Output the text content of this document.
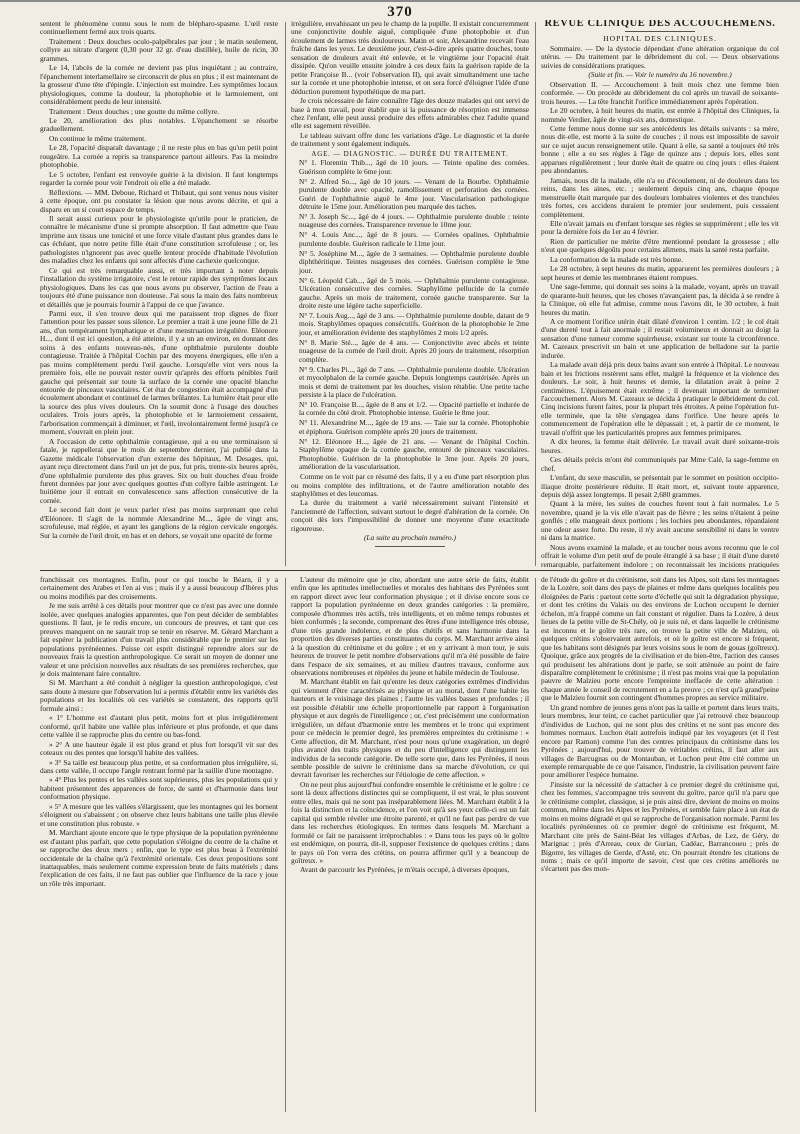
370

sentent le phénomène connu sous le nom de blépharo-spasme. L'œil reste continuellement fermé aux trois quarts.

Traitement : Deux douches oculo-palpébrales par jour ; le matin seulement, collyre au nitrate d'argent (0,30 pour 32 gr. d'eau distillée), huile de ricin, 30 grammes.

Le 14, l'abcès de la cornée ne devient pas plus inquiétant ; au contraire, l'épanchement interlamellaire se circonscrit de plus en plus ; il est maintenant de la grosseur d'une tête d'épingle. L'injection est moindre. Les symptômes locaux physiologiques, comme la douleur, la photophobie et le larmoiement, ont considérablement perdu de leur intensité.

Traitement : Deux douches ; une goutte du même collyre.

Le 20, amélioration des plus notables. L'épanchement se résorbe graduellement.

On continue le même traitement.

Le 28, l'opacité disparaît davantage ; il ne reste plus en bas qu'un petit point rougeâtre. La cornée a repris sa transparence partout ailleurs. Pas la moindre photophobie.

Le 5 octobre, l'enfant est renvoyée guérie à la division. Il faut longtemps regarder la cornée pour voir l'endroit où elle a été malade.

Réflexions. — MM. Deboue, Richard et Thibaut, qui sont venus nous visiter à cette époque, ont pu constater la lésion que nous avons décrite, et qui a disparu en un si court espace de temps.

Il serait aussi curieux pour le physiologiste qu'utile pour le praticien, de connaître le mécanisme d'une si prompte absorption. Il faut admettre que l'eau imprime aux tissus une tonicité et une force vitale d'autant plus grandes dans le cas échéant, que notre petite fille était d'une constitution scrofuleuse ; or, les pathologistes n'ignorent pas avec quelle lenteur procède d'habitude l'évolution des maladies chez les enfants qui sont affectés d'une cachexie quelconque.

Ce qui est très remarquable aussi, et très important à noter depuis l'installation du système irrigatoire, c'est le retour rapide des symptômes locaux physiologiques. Dans les cas que nous avons pu observer, l'action de l'eau a toujours été d'une puissance non douteuse. J'ai sous la main des faits nombreux et détaillés que je pourrais fournir à l'appui de ce que j'avance.

Parmi eux, il s'en trouve deux qui me paraissent trop dignes de fixer l'attention pour les passer sous silence. Le premier a trait à une jeune fille de 21 ans, d'un tempérament lymphatique et d'une menstruation irrégulière. Eléonore H..., dont il est ici question, a été atteinte, il y a un an environ, en donnant des soins à des enfants nouveau-nés, d'une ophthalmie purulente double contagieuse. Traitée à l'hôpital Cochin par des moyens énergiques, elle n'en a pas moins complètement perdu l'œil gauche. Lorsqu'elle vint vers nous la première fois, elle ne pouvait rester ouvrir qu'après des efforts pénibles l'œil gauche qui présentait sur toute la surface de la cornée une opacité blanche entourée de pinceaux vasculaires. Cet état de congestion était accompagné d'un écoulement abondant et continuel de larmes brûlantes. La lumière était pour elle la source des plus vives douleurs. On la soumit donc à l'usage des douches oculaires. Trois jours après, la photophobie et le larmoiement cessaient, l'arborisation commençait à diminuer, et l'œil, involontairement fermé jusqu'à ce moment, s'ouvrait en plein jour.

A l'occasion de cette ophthalmie contagieuse, qui a eu une terminaison si fatale, je rappellerai que le mois de septembre dernier, j'ai publié dans la Gazette médicale l'observation d'un externe des hôpitaux, M. Desages, qui, ayant reçu directement dans l'œil un jet de pus, fut pris, trente-six heures après, d'une ophthalmie purulente des plus graves. Six ou huit douches d'eau froide furent données par jour avec quelques gouttes d'un collyre faible astringent. Le huitième jour il entrait en convalescence sans affection consécutive de la cornée.

Le second fait dont je veux parler n'est pas moins surprenant que celui d'Eléonore. Il s'agit de la nommée Alexandrine M..., âgée de vingt ans, scrofuleuse, mal réglée, et ayant les ganglions de la région cervicale engorgés. Sur la cornée de l'œil droit, en bas et en dehors, se voyait une opacité de forme

irrégulière, envahissant un peu le champ de la pupille. Il existait concurremment une conjonctivite double aiguë, compliquée d'une photophobie et d'un écoulement de larmes très douloureux. Matin et soir, Alexandrine recevait l'eau fraîche dans les yeux. Le deuxième jour, c'est-à-dire après quatre douches, toute sensation de douleurs avait été enlevée, et le vingtième jour l'opacité était dissipée. Qu'on veuille ensuite joindre à ces deux faits la guérison rapide de la petite Françoise B... (voir l'observation II), qui avait simultanément une tache sur la cornée et une photophobie intense, et on sera forcé d'éloigner l'idée d'une déduction purement hypothétique de ma part.

Je crois nécessaire de faire connaître l'âge des douze malades qui ont servi de base à mon travail, pour établir que si la puissance de résorption est immense chez l'enfant, elle peut aussi produire des effets admirables chez l'adulte quand elle est sagement réveillée.

Le tableau suivant offre donc les variations d'âge. Le diagnostic et la durée de traitement y sont également indiqués.

AGE. — DIAGNOSTIC. — DURÉE DU TRAITEMENT.

N° 1. Florentin Thib..., âgé de 10 jours. — Teinte opaline des cornées. Guérison complète le 6me jour.

N° 2. Alfred So..., âgé de 10 jours. — Venant de la Bourbe. Ophthalmie purulente double avec opacité, ramollissement et perforation des cornées. Guéri de l'ophthalmie aiguë le 4me jour. Vascularisation pathologique détruite le 15me jour. Amélioration peu marquée des taches.

N° 3. Joseph Sc..., âgé de 4 jours. — Ophthalmie purulente double : teinte nuageuse des cornées. Transparence revenue le 10me jour.

N° 4. Louis Anc..., âgé de 8 jours. — Cornées opalines. Ophthalmie purulente double. Guérison radicale le 11me jour.

N° 5. Joséphine M..., âgée de 3 semaines. — Ophthalmie purulente double diphthéritique. Teintes nuageuses des cornées. Guérison complète le 9me jour.

N° 6. Léopold Cab..., âgé de 5 mois. — Ophthalmie purulente contagieuse. Ulcération consécutive des cornées. Staphylôme pellucide de la cornée gauche. Après un mois de traitement, cornée gauche transparente. Sur la droite reste une légère tache superficielle.

N° 7. Louis Aug..., âgé de 3 ans. — Ophthalmie purulente double, datant de 9 mois. Staphylômes opaques consécutifs. Guérison de la photophobie le 2me jour, et amélioration évidente des staphylômes 2 mois 1/2 après.

N° 8. Marie Sté..., âgée de 4 ans. — Conjonctivite avec abcès et teinte nuageuse de la cornée de l'œil droit. Après 20 jours de traitement, résorption complète.

N° 9. Charles Pi..., âgé de 7 ans. — Ophthalmie purulente double. Ulcération et myocéphalon de la cornée gauche. Depuis longtemps cautérisée. Après un mois et demi de traitement par les douches, vision rétablie. Une petite tache persiste à la place de l'ulcération.

N° 10. Françoise B..., âgée de 8 ans et 1/2. — Opacité partielle et indurée de la cornée du côté droit. Photophobie intense. Guérie le 8me jour.

N° 11. Alexandrine M..., âgée de 19 ans. — Taie sur la cornée. Photophobie et épiphora. Guérison complète après 20 jours de traitement.

N° 12. Eléonore H..., âgée de 21 ans. — Venant de l'hôpital Cochin. Staphylôme opaque de la cornée gauche, entouré de pinceaux vasculaires. Photophobie. Guérison de la photophobie le 3me jour. Après 20 jours, amélioration de la vascularisation.

Comme on le voit par ce résumé des faits, il y a eu d'une part résorption plus ou moins complète des infiltrations, et de l'autre amélioration notable des staphylômes et des leucomas.

La durée du traitement a varié nécessairement suivant l'intensité et l'ancienneté de l'affection, suivant surtout le degré d'altération de la cornée. On conçoit dès lors l'impossibilité de donner une moyenne d'une exactitude rigoureuse.

(La suite au prochain numéro.)

REVUE CLINIQUE DES ACCOUCHEMENS.

HOPITAL DES CLINIQUES.

Sommaire. — De la dystocie dépendant d'une altération organique du col utérus. — Du traitement par le débridement du col. — Deux observations suivies de considérations pratiques.

(Suite et fin. — Voir le numéro du 16 novembre.)

Observation II. — Accouchement à huit mois chez une femme bien conformée. — On procède au débridement du col après un travail de soixante-trois heures. — La tête franchit l'orifice immédiatement après l'opération.

Le 20 octobre, à huit heures du matin, est entrée à l'hôpital des Cliniques, la nommée Verdier, âgée de vingt-six ans, domestique.

Cette femme nous donne sur ses antécédents les détails suivants : sa mère, nous dit-elle, est morte à la suite de couches ; il nous est impossible de savoir sur ce sujet aucun renseignement utile. Quant à elle, sa santé a toujours été très bonne ; elle a eu ses règles à l'âge de quinze ans ; depuis lors, elles sont apparues régulièrement ; leur durée était de quatre ou cinq jours : elles étaient peu abondantes.

Jamais, nous dit la malade, elle n'a eu d'écoulement, ni de douleurs dans les reins, dans les aines, etc. ; seulement depuis cinq ans, chaque époque menstruelle était marquée par des douleurs lombaires violentes et des tranchées très fortes, ces accidens duraient le premier jour seulement, puis cessaient complètement.

Elle n'avait jamais eu d'enfant lorsque ses règles se supprimèrent ; elle les vit pour la dernière fois du 1er au 4 février.

Rien de particulier ne mérite d'être mentionné pendant la grossesse ; elle n'eut que quelques dégoûts pour certains alimens, mais la santé resta parfaite.

La conformation de la malade est très bonne.

Le 28 octobre, à sept heures du matin, apparurent les premières douleurs ; à sept heures et demie les membranes étaient rompues.

Une sage-femme, qui donnait ses soins à la malade, voyant, après un travail de quarante-huit heures, que les choses n'avançaient pas, la décida à se rendre à la Clinique, où elle fut admise, comme nous l'avons dit, le 30 octobre, à huit heures du matin.

A ce moment l'orifice utérin était dilaté d'environ 1 centim. 1/2 ; le col était d'une dureté tout à fait anormale ; il restait volumineux et donnait au doigt la sensation d'une tumeur comme squirrheuse, existant sur toute la circonférence. M. Cazeaux prescrivit un bain et une application de belladone sur la partie indurée.

La malade avait déjà pris deux bains avant son entrée à l'hôpital. Le nouveau bain et les frictions restèrent sans effet, malgré la fréquence et la violence des douleurs. Le soir, à huit heures et demie, la dilatation avait à peine 2 centimètres. L'épuisement était extrême ; il devenait important de terminer l'accouchement. Alors M. Cazeaux se décida à pratiquer le débridement du col. Cinq incisions furent faites, pour la plupart très étroites. A peine l'opération fut-elle terminée, que la tête s'engagea dans l'orifice. Une heure après le commencement de l'opération elle le dépassait ; et, à partir de ce moment, le travail n'offrit que les particularités propres aux femmes primipares.

A dix heures, la femme était délivrée. Le travail avait duré soixante-trois heures.

Ces détails précis m'ont été communiqués par Mme Calé, la sage-femme en chef.

L'enfant, du sexe masculin, se présentait par le sommet en position occipito-iliaque droite postérieure réduite. Il était mort, et, suivant toute apparence, depuis déjà assez longtemps. Il pesait 2,680 grammes.

Quant à la mère, les suites de couches furent tout à fait normales. Le 5 novembre, quand je la vis elle n'avait pas de fièvre ; les seins n'étaient à peine gonflés ; elle mangeait deux portions ; les lochies peu abondantes, répandaient une odeur assez forte. Du reste, il n'y avait aucune sensibilité ni dans le ventre ni dans la matrice.

Nous avons examiné la malade, et au toucher nous avons reconnu que le col offrait le volume d'un petit œuf de poule étranglé à sa base ; il était d'une dureté remarquable, parfaitement indolore ; on reconnaissait les incisions pratiquées

franchissait ces montagnes. Enfin, pour ce qui touche le Béarn, il y a certainement des Arabes et l'en ai vus ; mais il y a aussi beaucoup d'Ibères plus ou moins modifiés par des croisements.

Je me suis arrêté à ces détails pour montrer que ce n'est pas avec une donnée isolée, avec quelques analogies apparentes, que l'on peut décider de semblables questions. Il faut, je le redis encore, un concours de preuves, et tant que ces preuves manquent on ne saurait trop se tenir en réserve. M. Gérard Marchant a fait espérer la publication d'un travail plus considérable que le premier sur les populations pyrénéennes. Puisse cet esprit distingué reprendre alors sur de nouveaux frais la question anthropologique. Ce serait un moyen de donner une valeur et une précision nouvelles aux résultats de ses premières recherches, que je dois maintenant faire connaître.

Si M. Marchant a été conduit à négliger la question anthropologique, c'est sans doute à mesure que l'observation lui a permis d'établir entre les variétés des populations et les localités où ces variétés se constatent, des rapports qu'il formule ainsi :

« 1° L'homme est d'autant plus petit, moins fort et plus irrégulièrement conformé, qu'il habite une vallée plus inférieure et plus profonde, et que dans cette vallée il se rapproche plus du centre ou bas-fond.

» 2° A une hauteur égale il est plus grand et plus fort lorsqu'il vit sur des coteaux ou des pentes que lorsqu'il habite des vallées.

» 3° Sa taille est beaucoup plus petite, et sa conformation plus irrégulière, si, dans cette vallée, il occupe l'angle rentrant formé par la saillie d'une montagne.

» 4° Plus les pentes et les vallées sont supérieures, plus les populations qui y habitent présentent des apparences de force, de santé et d'harmonie dans leur conformation physique.

» 5° A mesure que les vallées s'élargissent, que les montagnes qui les bornent s'éloignent ou s'abaissent ; on observe chez leurs habitans une taille plus élevée et une constitution plus robuste. »

M. Marchant ajoute encore que le type physique de la population pyrénéenne est d'autant plus parfait, que cette population s'éloigne du centre de la chaîne et se rapproche des deux mers ; enfin, que le type est plus beau à l'extrémité occidentale de la chaîne qu'à l'extrémité orientale. Ces deux propositions sont inattaquables, mais seulement comme expression brute de faits matériels ; dans l'explication de ces faits, il ne faut pas oublier que l'influence de la race y joue un rôle très important.

L'auteur du mémoire que je cite, abordant une autre série de faits, établit enfin que les aptitudes intellectuelles et morales des habitans des Pyrénées sont en rapport direct avec leur conformation physique ; et il divise encore sous ce rapport la population pyrénéenne en deux grandes catégories : la première, composée d'hommes très actifs, très intelligents, et en même temps robustes et bien conformés ; la seconde, comprenant des êtres d'une intelligence très obtuse, d'une très grande indolence, et de plus chétifs et sans harmonie dans la proportion des diverses parties constituantes du corps. M. Marchant arrive ainsi à la question du crétinisme et du goître ; et en y arrivant à mon tour, je suis heureux de trouver le petit nombre d'observations qu'il m'a été possible de faire dans l'espace de six semaines, et au milieu d'autres travaux, conforme aux observations nombreuses et répétées du jeune et habile médecin de Toulouse.

M. Marchant établit en fait qu'entre les deux catégories extrêmes d'individus qui viennent d'être caractérisés au physique et au moral, dont l'une habite les hauteurs et le voisinage des plaines ; l'autre les vallées basses et profondes ; il est possible d'établir une échelle proportionnelle par rapport à l'organisation physique et aux degrés de l'intelligence ; or, c'est précisément une conformation irrégulière, un défaut d'harmonie entre les membres et le tronc qui expriment pour ce médecin le premier degré, les premières empreintes du crétinisme : « Cette affection, dit M. Marchant, n'est pour nous qu'une exagération, un degré plus avancé des traits physiques et du peu d'intelligence qui distinguent les individus de la seconde catégorie. De telle sorte que, dans les Pyrénées, il nous semble possible de suivre le crétinisme dans sa marche d'évolution, ce qui devrait favoriser les recherches sur l'étiologie de cette affection. »

On ne peut plus aujourd'hui confondre ensemble le crétinisme et le goître : ce sont là deux affections distinctes qui se compliquent, il est vrai, le plus souvent entre elles, mais qui ne sont pas inséparablement liées. M. Marchant établit à la fois la distinction et la coïncidence, et l'on voit qu'à ses yeux celle-ci est un fait capital qui semble révéler une étroite parenté, et qu'il ne faut pas perdre de vue dans les recherches étiologiques. En termes dans lesquels M. Marchant a formulé ce fait ne paraissent irréprochables : « Dans tous les pays où le goître est endémique, on pourra, dit-il, supposer l'existence de quelques crétins ; dans le pays où l'on verra des crétins, on pourra affirmer qu'il y a beaucoup de goîtreux. »

Avant de parcourir les Pyrénées, je m'étais occupé, à diverses époques,

de l'étude du goître et du crétinisme, soit dans les Alpes, soit dans les montagnes de la Lozère, soit dans des pays de plaines et même dans quelques localités peu éloignées de Paris : partout cette sorte d'échelle qui suit la dégradation physique, et dont les crétins du Valais ou des environs de Luchon occupent le dernier échelon, m'a frappé comme un fait constant et régulier. Dans la Lozère, à deux lieues de la petite ville de St-Chély, où je suis né, et dans laquelle le crétinisme est inconnu et le goître très rare, on trouve la petite ville de Malzieu, où quelques crétins s'observaient autrefois, et où le goître est encore si fréquent, que les habitans sont désignés par leurs voisins sous le nom de gouas (goîtreux). Quoique, grâce aux progrès de la civilisation et du bien-être, l'action des causes qui produisent les altérations dont je parle, se soit atténuée au point de faire disparaître complètement le crétinisme ; il n'est pas moins vrai que la population pauvre de Malzieu porte encore l'empreinte ineffacée de cette altération : chaque année le conseil de recrutement en a la preuve ; ce n'est qu'à grand'peine que le Malzieu fournit son contingent d'hommes propres au service militaire.

Un grand nombre de jeunes gens n'ont pas la taille et portent dans leurs traits, leurs membres, leur teint, ce cachet particulier que j'ai retrouvé chez beaucoup d'individus de Luchon, qui ne sont plus des crétins et ne sont pas encore des hommes normaux. Luchon était autrefois indiqué par les voyageurs (et il l'est encore par Ramon) comme l'un des centres principaux du crétinisme dans les Pyrénées ; aujourd'hui, pour trouver de véritables crétins, il faut aller aux villages de Barcugnas ou de Montauban, et Luchon peut être cité comme un exemple remarquable de ce que l'aisance, l'industrie, la civilisation peuvent faire pour améliorer l'espèce humaine.

J'insiste sur la nécessité de s'attacher à ce premier degré du crétinisme qui, chez les femmes, s'accompagne très souvent du goître, parce qu'il n'a paru que le crétinisme complet, classique, si je puis ainsi dire, devient de moins en moins commun, même dans les Alpes et les Pyrénées, et semble faire place à un état de moins en moins dégradé et qui se rapproche de l'organisation normale. Parmi les localités pyrénéennes où ce premier degré de crétinisme est fréquent, M. Marchant cite près de Saint-Béat les villages d'Arbas, de Lez, de Géry, de Marignac ; près d'Arreau, ceux de Gurian, Cadéac, Barrancoueu ; près de Bigorre, les villages de Gerde, d'Asté, etc. On pourrait étendre les citations de noms ; mais ce qu'il importe de savoir, c'est que ces crétins améliorés ne s'écartent pas des mon-
